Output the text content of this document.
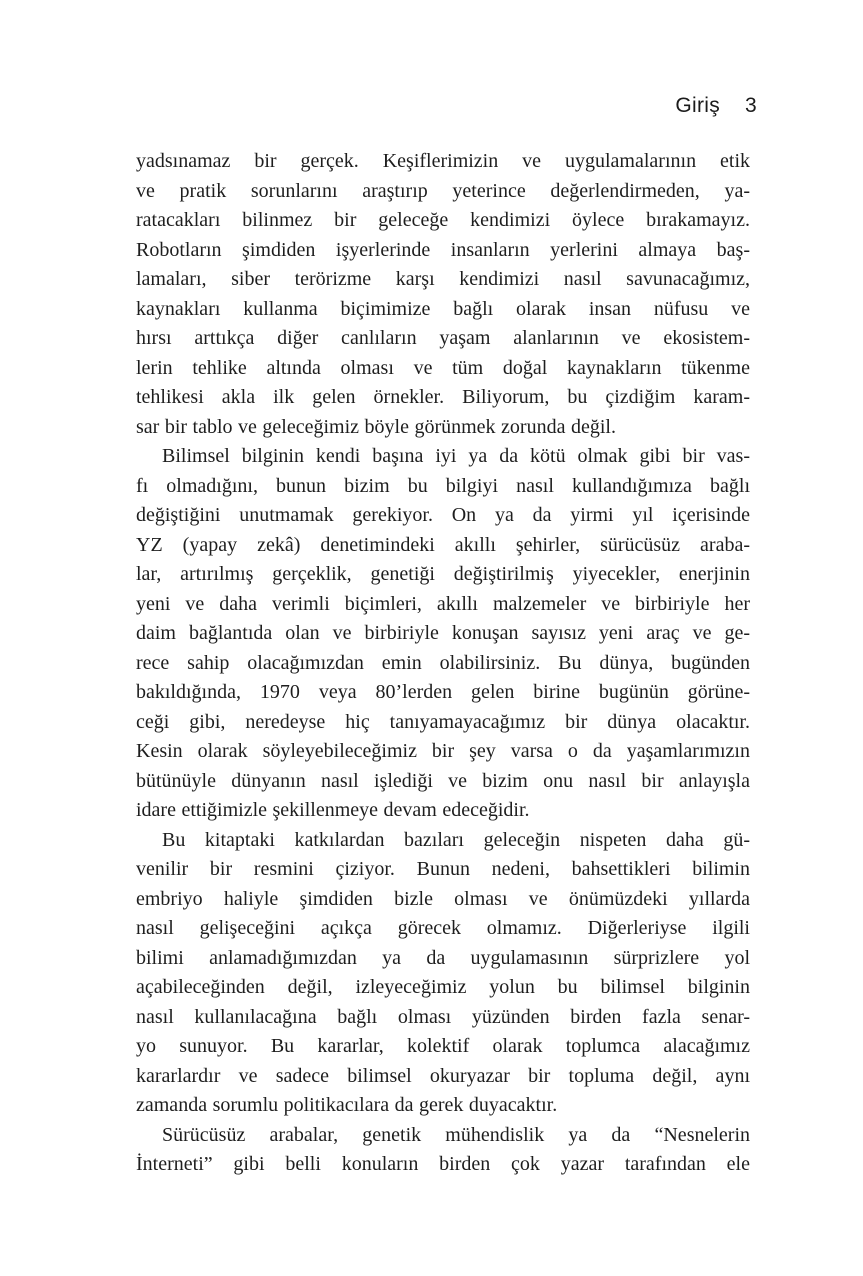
Giriş 3
yadsınamaz bir gerçek. Keşiflerimizin ve uygulamalarının etik
ve pratik sorunlarını araştırıp yeterince değerlendirmeden, ya-
ratacakları bilinmez bir geleceğe kendimizi öylece bırakamayız.
Robotların şimdiden işyerlerinde insanların yerlerini almaya baş-
lamaları, siber terörizme karşı kendimizi nasıl savunacağımız,
kaynakları kullanma biçimimize bağlı olarak insan nüfusu ve
hırsı arttıkça diğer canlıların yaşam alanlarının ve ekosistem-
lerin tehlike altında olması ve tüm doğal kaynakların tükenme
tehlikesi akla ilk gelen örnekler. Biliyorum, bu çizdiğim karam-
sar bir tablo ve geleceğimiz böyle görünmek zorunda değil.
Bilimsel bilginin kendi başına iyi ya da kötü olmak gibi bir vas-
fı olmadığını, bunun bizim bu bilgiyi nasıl kullandığımıza bağlı
değiştiğini unutmamak gerekiyor. On ya da yirmi yıl içerisinde
YZ (yapay zekâ) denetimindeki akıllı şehirler, sürücüsüz araba-
lar, artırılmış gerçeklik, genetiği değiştirilmiş yiyecekler, enerjinin
yeni ve daha verimli biçimleri, akıllı malzemeler ve birbiriyle her
daim bağlantıda olan ve birbiriyle konuşan sayısız yeni araç ve ge-
rece sahip olacağımızdan emin olabilirsiniz. Bu dünya, bugünden
bakıldığında, 1970 veya 80’lerden gelen birine bugünün görüne-
ceği gibi, neredeyse hiç tanıyamayacağımız bir dünya olacaktır.
Kesin olarak söyleyebileceğimiz bir şey varsa o da yaşamlarımızın
bütünüyle dünyanın nasıl işlediği ve bizim onu nasıl bir anlayışla
idare ettiğimizle şekillenmeye devam edeceğidir.
Bu kitaptaki katkılardan bazıları geleceğin nispeten daha gü-
venilir bir resmini çiziyor. Bunun nedeni, bahsettikleri bilimin
embriyo haliyle şimdiden bizle olması ve önümüzdeki yıllarda
nasıl gelişeceğini açıkça görecek olmamız. Diğerleriyse ilgili
bilimi anlamadığımızdan ya da uygulamasının sürprizlere yol
açabileceğinden değil, izleyeceğimiz yolun bu bilimsel bilginin
nasıl kullanılacağına bağlı olması yüzünden birden fazla senar-
yo sunuyor. Bu kararlar, kolektif olarak toplumca alacağımız
kararlardır ve sadece bilimsel okuryazar bir topluma değil, aynı
zamanda sorumlu politikacılara da gerek duyacaktır.
Sürücüsüz arabalar, genetik mühendislik ya da “Nesnelerin
İnterneti” gibi belli konuların birden çok yazar tarafından ele
